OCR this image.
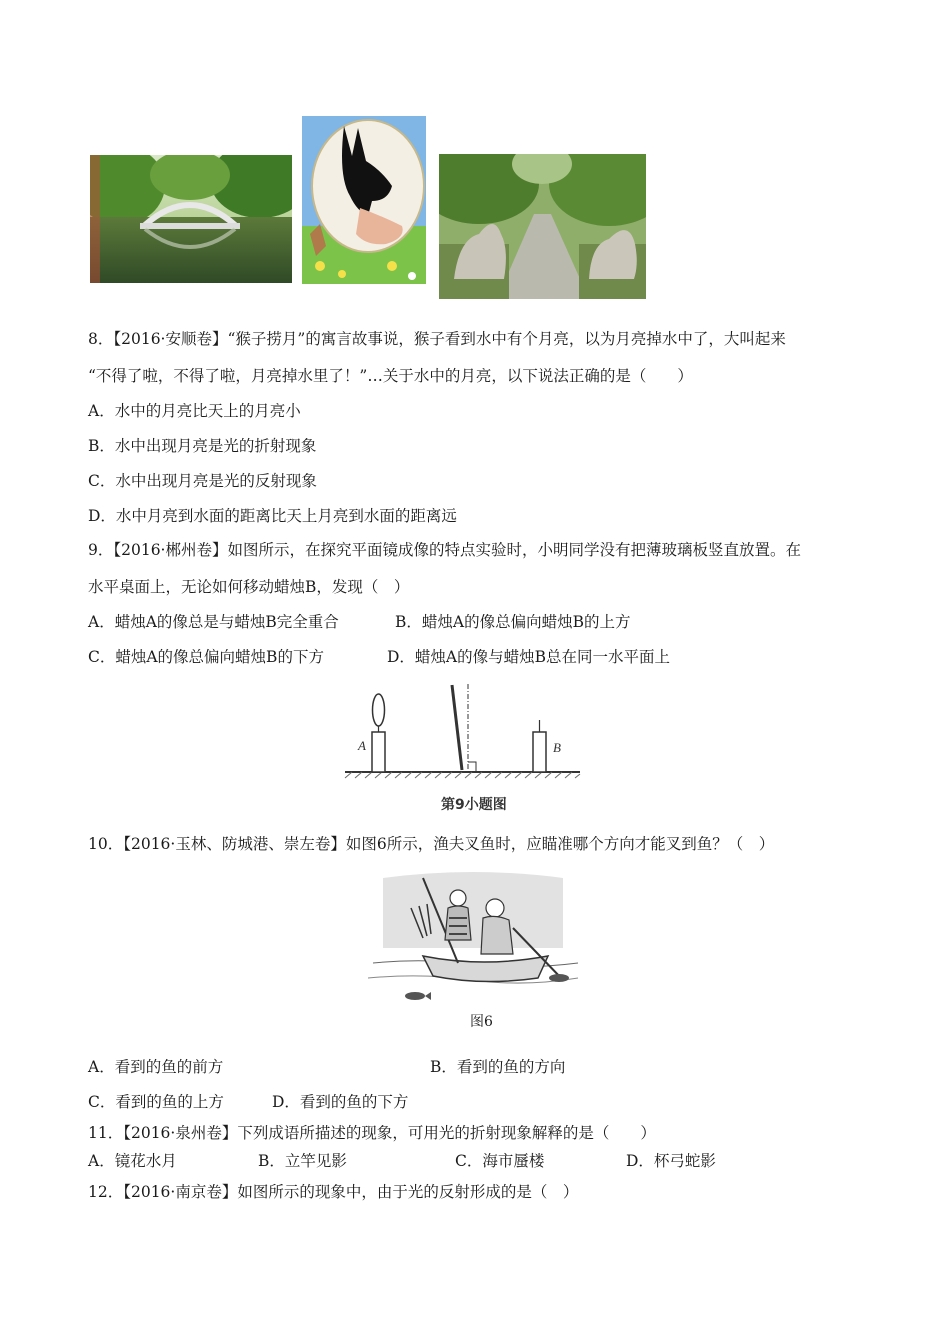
8．【2016·安顺卷】“猴子捞月”的寓言故事说，猴子看到水中有个月亮，以为月亮掉水中了，大叫起来
“不得了啦，不得了啦，月亮掉水里了！”…关于水中的月亮，以下说法正确的是（　　）
A．水中的月亮比天上的月亮小
B．水中出现月亮是光的折射现象
C．水中出现月亮是光的反射现象
D．水中月亮到水面的距离比天上月亮到水面的距离远
9．【2016·郴州卷】如图所示，在探究平面镜成像的特点实验时，小明同学没有把薄玻璃板竖直放置。在
水平桌面上，无论如何移动蜡烛B，发现（　）
A．蜡烛A的像总是与蜡烛B完全重合	B．蜡烛A的像总偏向蜡烛B的上方
C．蜡烛A的像总偏向蜡烛B的下方	D．蜡烛A的像与蜡烛B总在同一水平面上
A	B
第9小题图
10．【2016·玉林、防城港、崇左卷】如图6所示，渔夫叉鱼时，应瞄准哪个方向才能叉到鱼？（　）
图6
A．看到的鱼的前方	B．看到的鱼的方向
C．看到的鱼的上方	D．看到的鱼的下方
11．【2016·泉州卷】下列成语所描述的现象，可用光的折射现象解释的是（　　）
A．镜花水月	B．立竿见影	C．海市蜃楼	D．杯弓蛇影
12．【2016·南京卷】如图所示的现象中，由于光的反射形成的是（　）
